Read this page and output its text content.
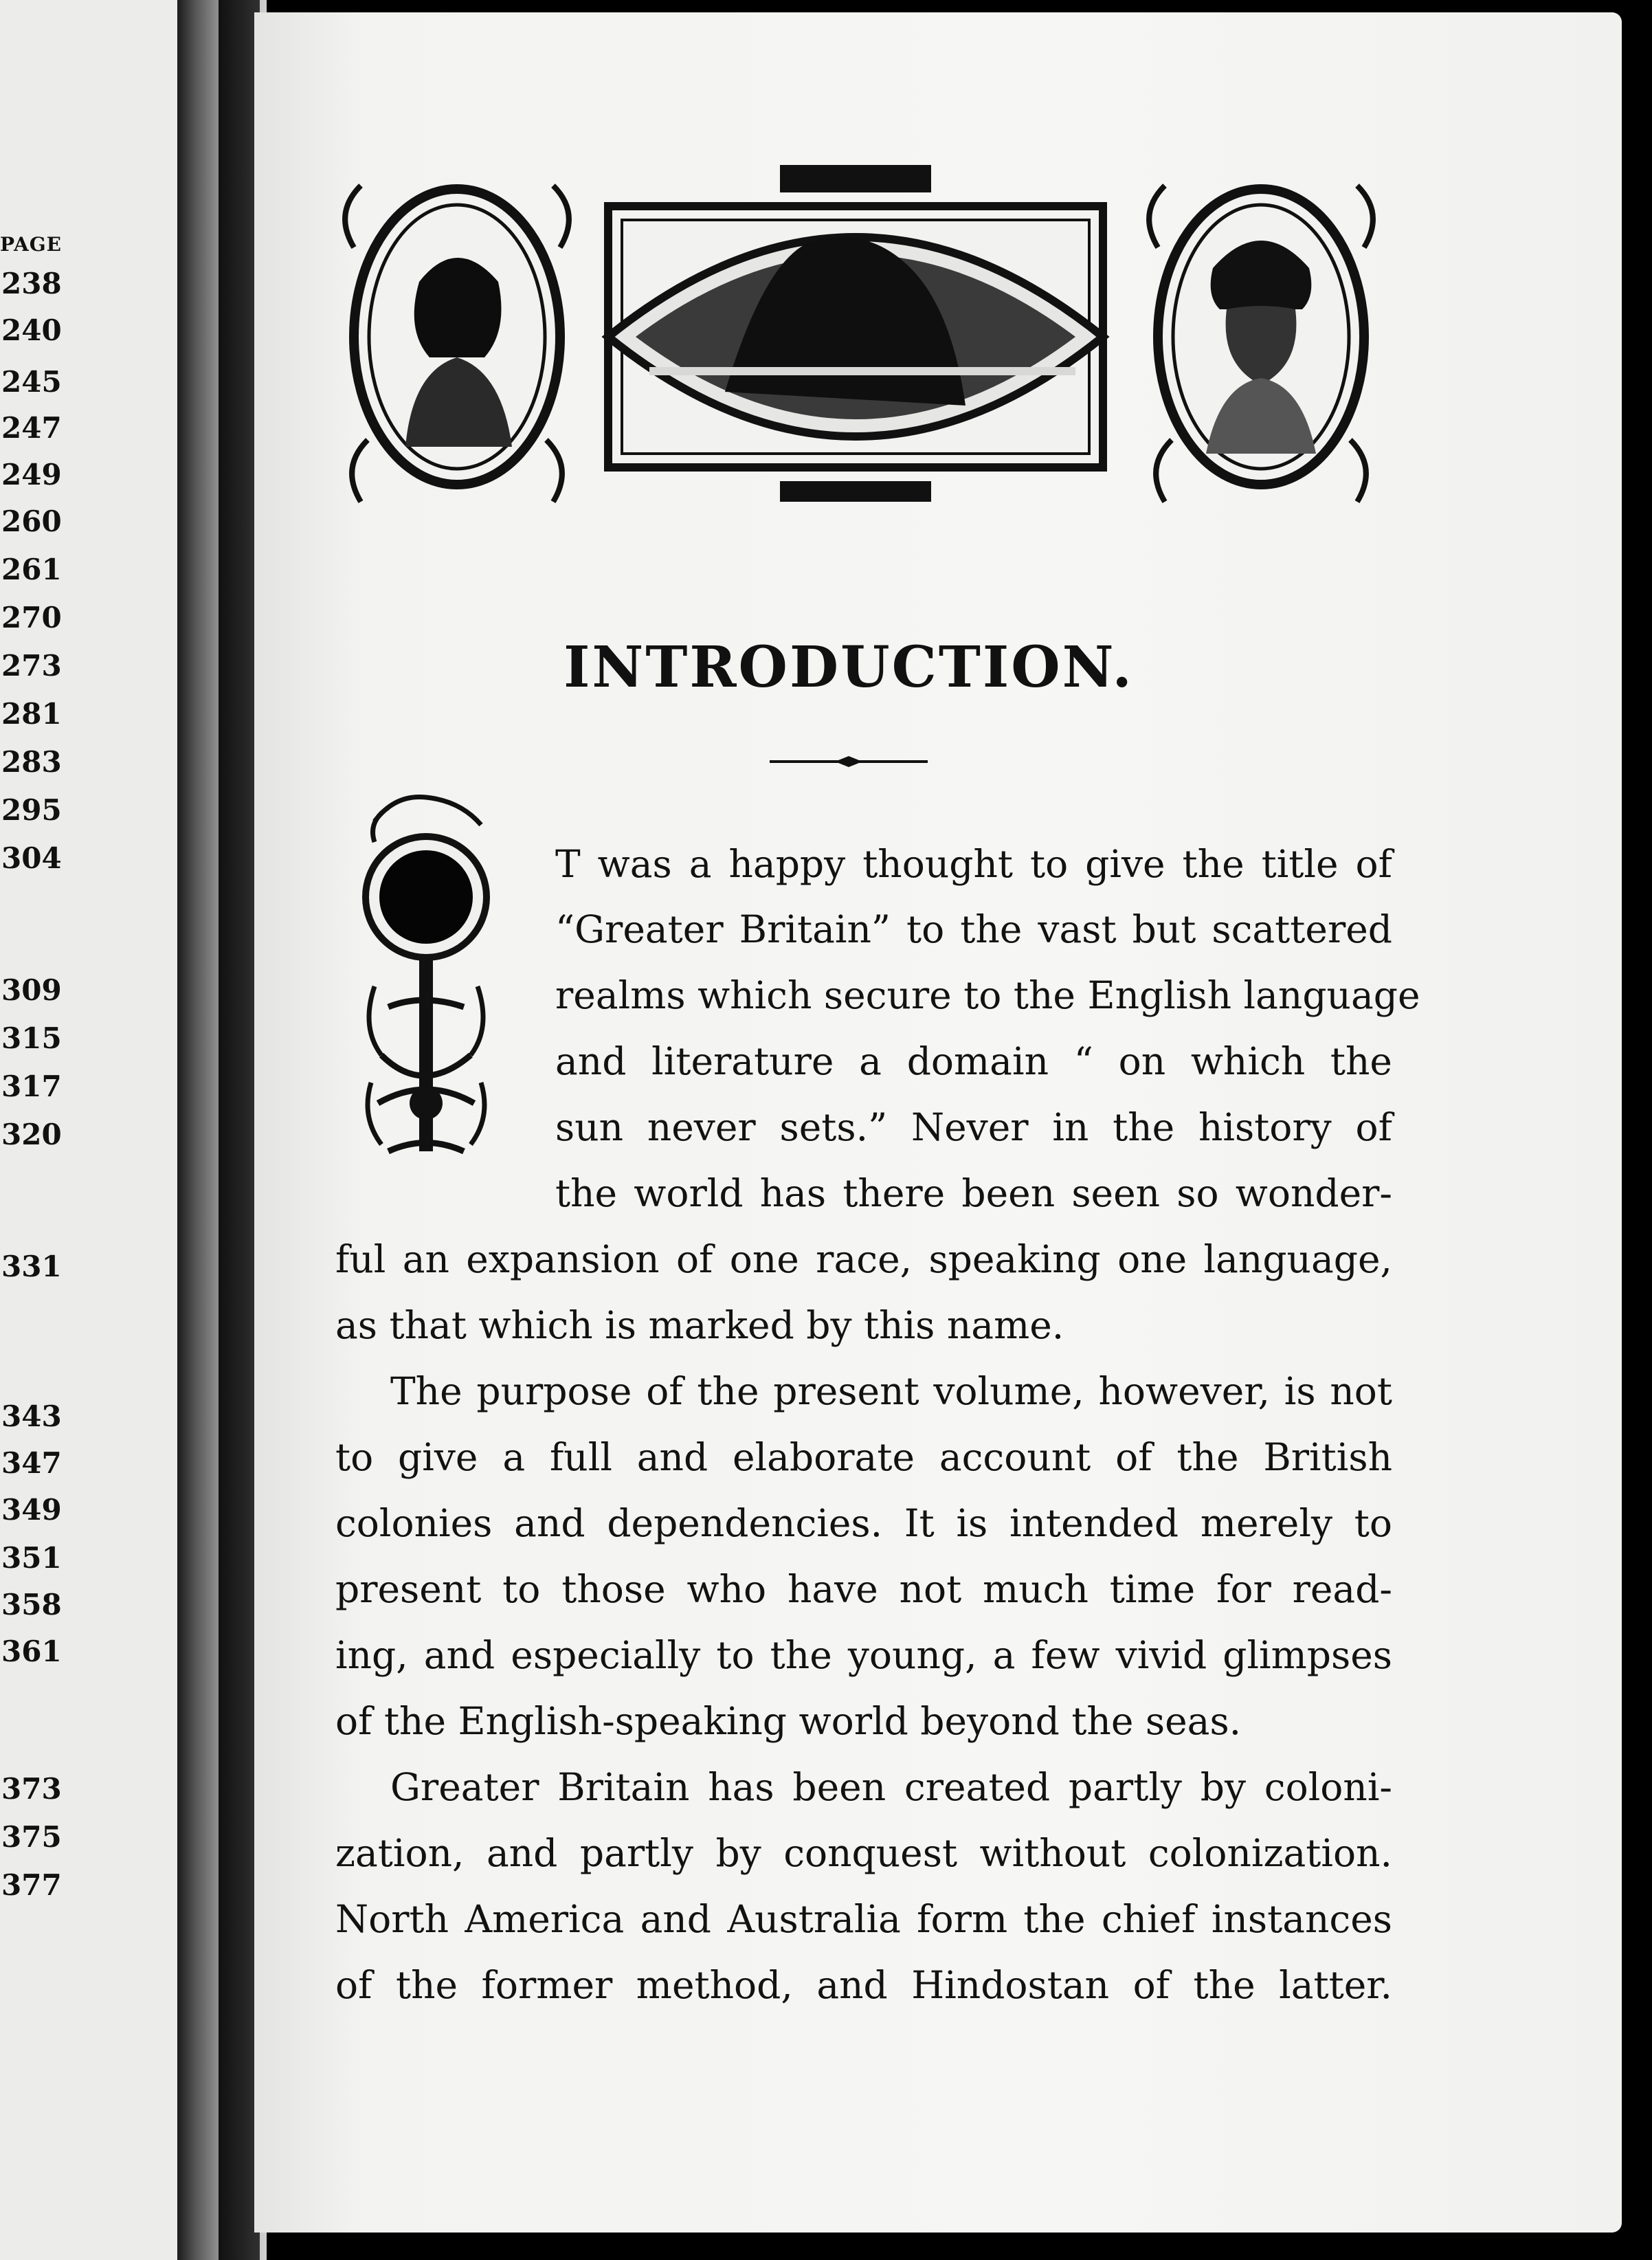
PAGE
238
240
245
247
249
260
261
270
273
281
283
295
304
309
315
317
320
331
343
347
349
351
358
361
373
375
377
INTRODUCTION.
T was a happy thought to give the title of
“Greater Britain” to the vast but scattered
realms which secure to the English language
and literature a domain “ on which the
sun never sets.” Never in the history of
the world has there been seen so wonder-
ful an expansion of one race, speaking one language,
as that which is marked by this name.
The purpose of the present volume, however, is not
to give a full and elaborate account of the British
colonies and dependencies. It is intended merely to
present to those who have not much time for read-
ing, and especially to the young, a few vivid glimpses
of the English-speaking world beyond the seas.
Greater Britain has been created partly by coloni-
zation, and partly by conquest without colonization.
North America and Australia form the chief instances
of the former method, and Hindostan of the latter.
